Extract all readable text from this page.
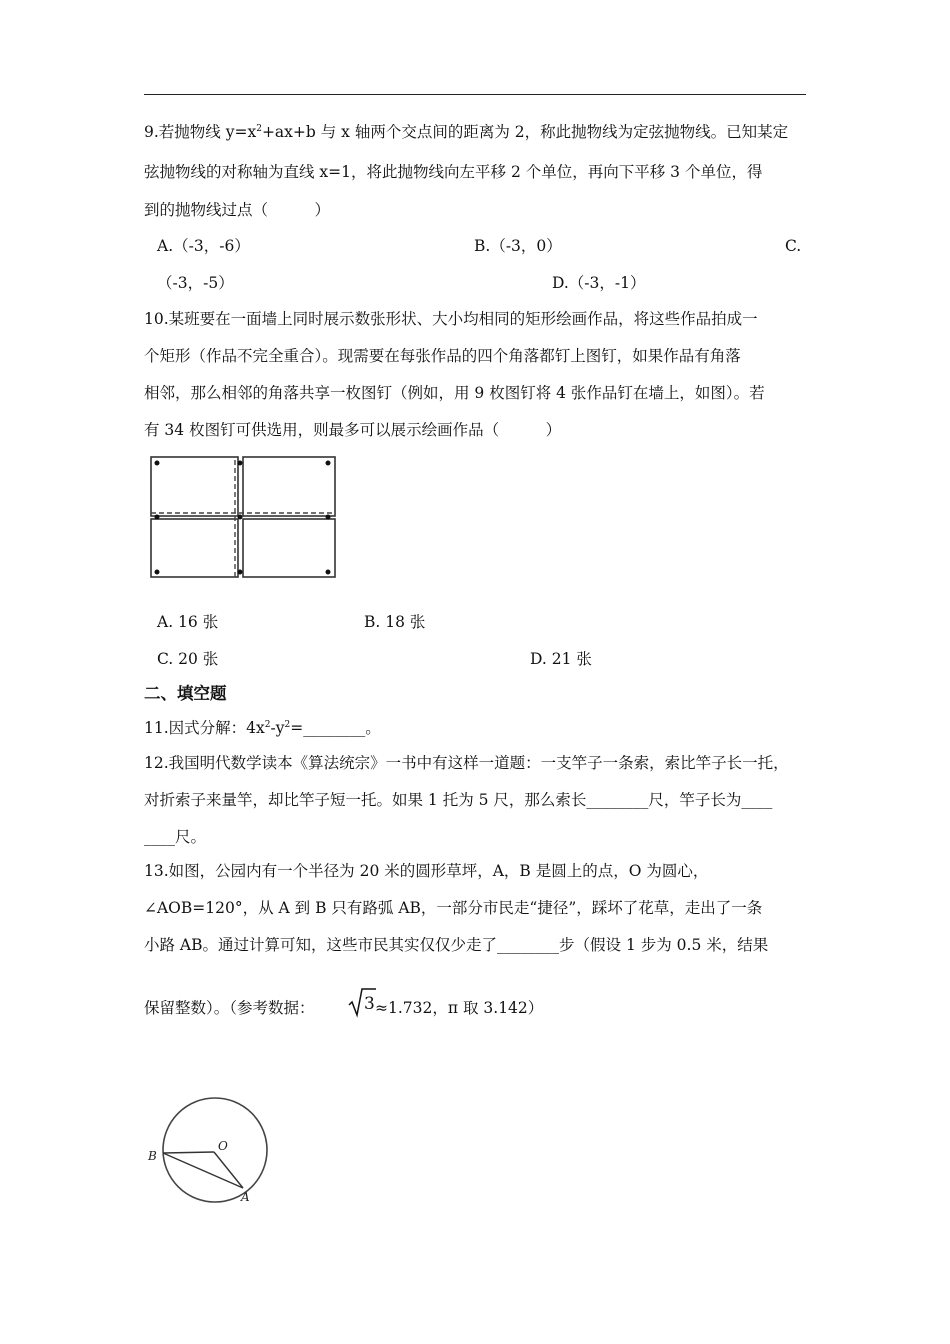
9.若抛物线 $y=x^2+ax+b$ 与 x 轴两个交点间的距离为 2，称此抛物线为定弦抛物线。已知某定
弦抛物线的对称轴为直线 x=1，将此抛物线向左平移 2 个单位，再向下平移 3 个单位，得
到的抛物线过点（　　　）
A.（-3，-6）	B.（-3，0）	C.
（-3，-5）	D.（-3，-1）
10.某班要在一面墙上同时展示数张形状、大小均相同的矩形绘画作品，将这些作品拍成一
个矩形（作品不完全重合）。现需要在每张作品的四个角落都钉上图钉，如果作品有角落
相邻，那么相邻的角落共享一枚图钉（例如，用 9 枚图钉将 4 张作品钉在墙上，如图）。若
有 34 枚图钉可供选用，则最多可以展示绘画作品（　　　）
A. 16 张	B. 18 张
C. 20 张	D. 21 张
二、填空题
11.因式分解：$4x^2-y^2=\_\_\_\_\_\_\_\_$。
12.我国明代数学读本《算法统宗》一书中有这样一道题：一支竿子一条索，索比竿子长一托，
对折索子来量竿，却比竿子短一托。如果 1 托为 5 尺，那么索长________尺，竿子长为____
____尺。
13.如图，公园内有一个半径为 20 米的圆形草坪，A，B 是圆上的点，O 为圆心，
∠AOB=120°，从 A 到 B 只有路弧 AB，一部分市民走“捷径”，踩坏了花草，走出了一条
小路 AB。通过计算可知，这些市民其实仅仅少走了________步（假设 1 步为 0.5 米，结果
保留整数）。（参考数据：	3 ≈1.732，π 取 3.142）
O
B
A
